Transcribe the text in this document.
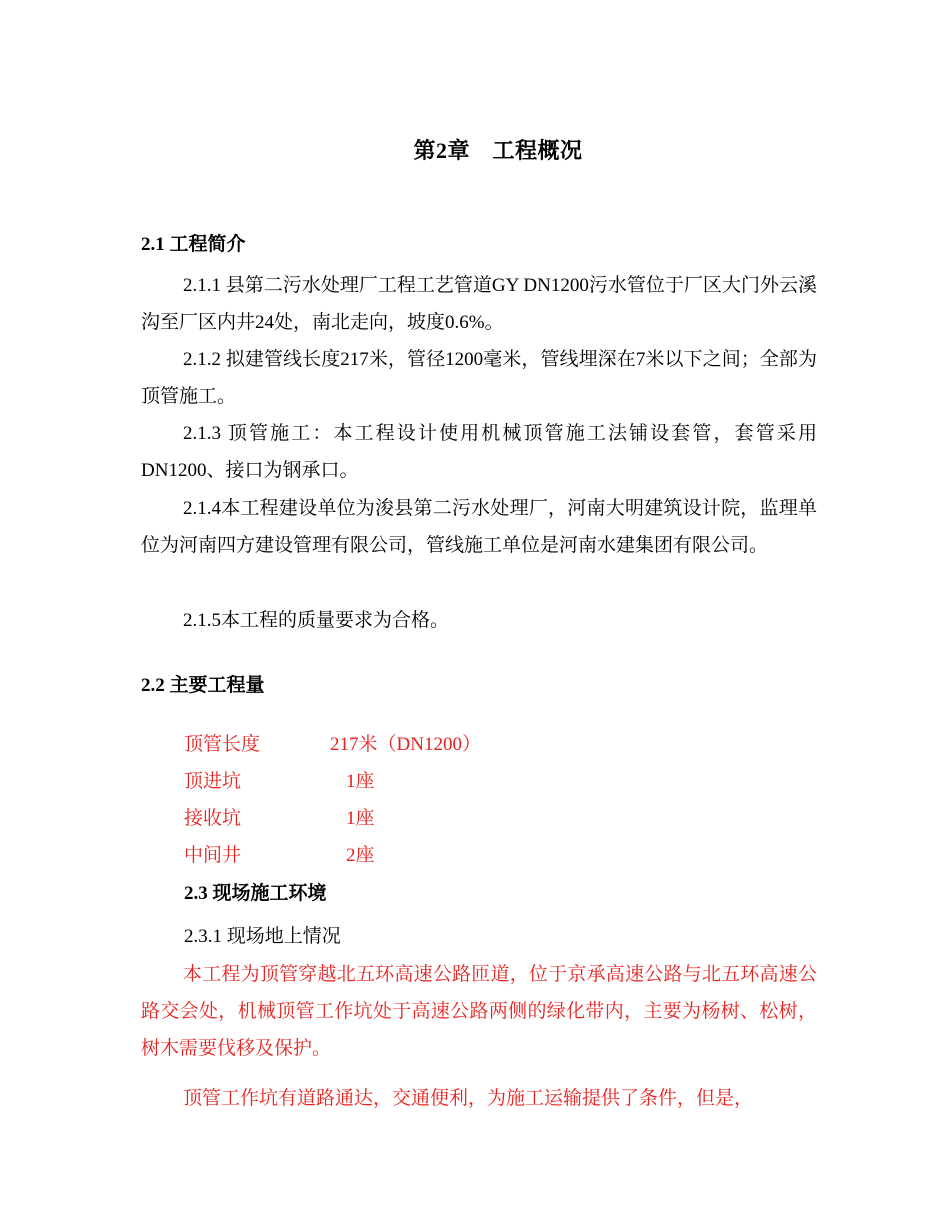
第2章　工程概况
2.1 工程简介
2.1.1 县第二污水处理厂工程工艺管道GY DN1200污水管位于厂区大门外云溪沟至厂区内井24处，南北走向，坡度0.6%。
2.1.2 拟建管线长度217米，管径1200毫米，管线埋深在7米以下之间；全部为顶管施工。
2.1.3 顶管施工：本工程设计使用机械顶管施工法铺设套管，套管采用DN1200、接口为钢承口。
2.1.4本工程建设单位为浚县第二污水处理厂，河南大明建筑设计院，监理单位为河南四方建设管理有限公司，管线施工单位是河南水建集团有限公司。
2.1.5本工程的质量要求为合格。
2.2 主要工程量
顶管长度	217米（DN1200）
顶进坑	1座
接收坑	1座
中间井	2座
2.3 现场施工环境
2.3.1 现场地上情况
本工程为顶管穿越北五环高速公路匝道，位于京承高速公路与北五环高速公路交会处，机械顶管工作坑处于高速公路两侧的绿化带内，主要为杨树、松树，树木需要伐移及保护。
顶管工作坑有道路通达，交通便利，为施工运输提供了条件，但是，
